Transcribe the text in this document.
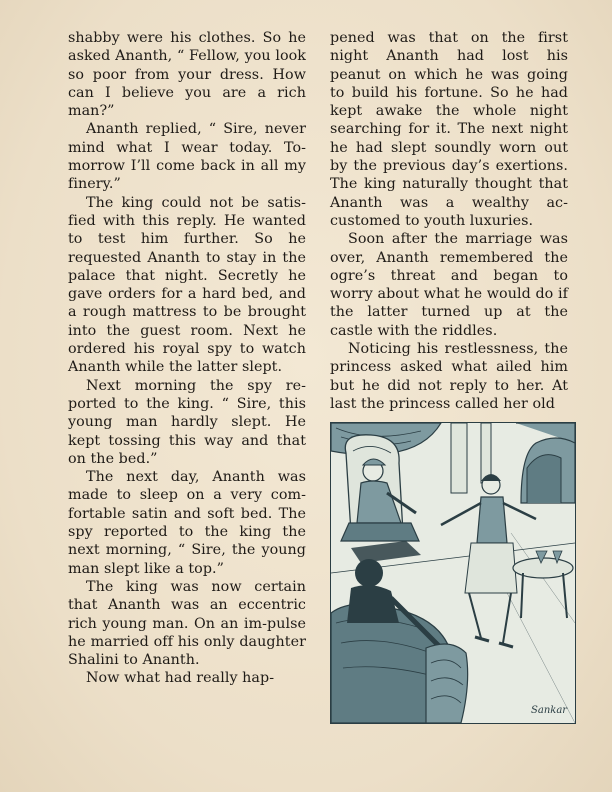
shabby were his clothes. So he asked Ananth, “ Fellow, you look so poor from your dress. How can I believe you are a rich man?”

Ananth replied, “ Sire, never mind what I wear today. To-morrow I’ll come back in all my finery.”

The king could not be satis-fied with this reply. He wanted to test him further. So he requested Ananth to stay in the palace that night. Secretly he gave orders for a hard bed, and a rough mattress to be brought into the guest room. Next he ordered his royal spy to watch Ananth while the latter slept.

Next morning the spy re-ported to the king. “ Sire, this young man hardly slept. He kept tossing this way and that on the bed.”

The next day, Ananth was made to sleep on a very com-fortable satin and soft bed. The spy reported to the king the next morning, “ Sire, the young man slept like a top.”

The king was now certain that Ananth was an eccentric rich young man. On an im-pulse he married off his only daughter Shalini to Ananth.

Now what had really hap-

pened was that on the first night Ananth had lost his peanut on which he was going to build his fortune. So he had kept awake the whole night searching for it. The next night he had slept soundly worn out by the previous day’s exertions. The king naturally thought that Ananth was a wealthy ac-customed to youth luxuries.

Soon after the marriage was over, Ananth remembered the ogre’s threat and began to worry about what he would do if the latter turned up at the castle with the riddles.

Noticing his restlessness, the princess asked what ailed him but he did not reply to her. At last the princess called her old

Sankar
